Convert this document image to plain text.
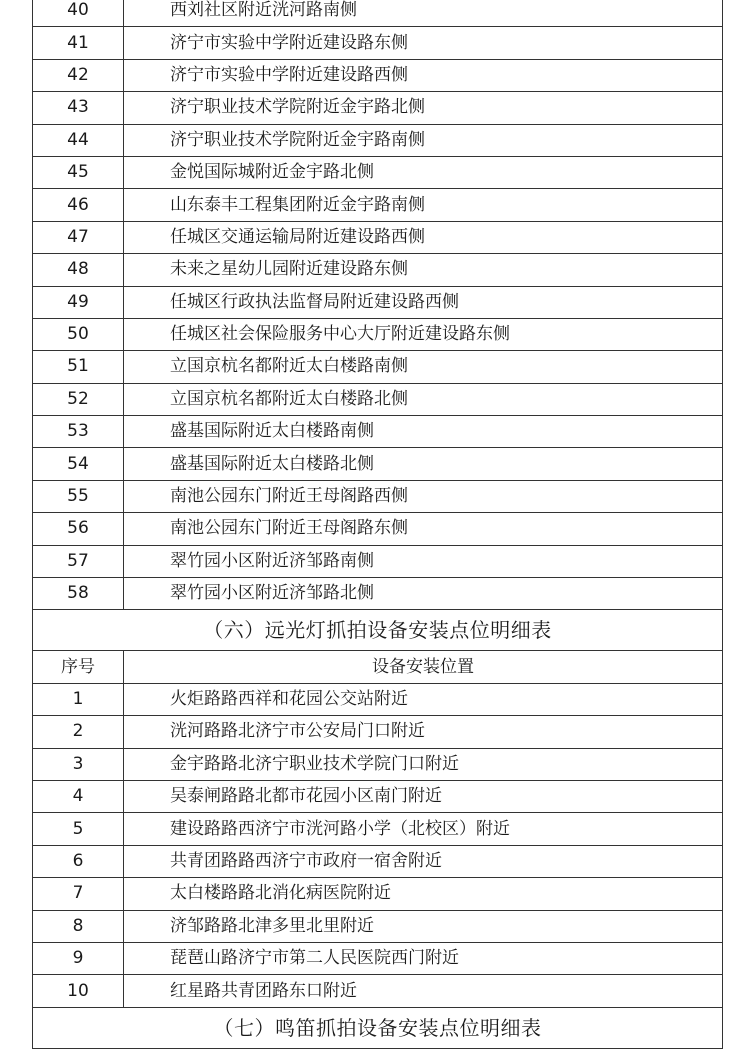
40	西刘社区附近洸河路南侧
41	济宁市实验中学附近建设路东侧
42	济宁市实验中学附近建设路西侧
43	济宁职业技术学院附近金宇路北侧
44	济宁职业技术学院附近金宇路南侧
45	金悦国际城附近金宇路北侧
46	山东泰丰工程集团附近金宇路南侧
47	任城区交通运输局附近建设路西侧
48	未来之星幼儿园附近建设路东侧
49	任城区行政执法监督局附近建设路西侧
50	任城区社会保险服务中心大厅附近建设路东侧
51	立国京杭名都附近太白楼路南侧
52	立国京杭名都附近太白楼路北侧
53	盛基国际附近太白楼路南侧
54	盛基国际附近太白楼路北侧
55	南池公园东门附近王母阁路西侧
56	南池公园东门附近王母阁路东侧
57	翠竹园小区附近济邹路南侧
58	翠竹园小区附近济邹路北侧
（六）远光灯抓拍设备安装点位明细表	
序号	设备安装位置
1	火炬路路西祥和花园公交站附近
2	洸河路路北济宁市公安局门口附近
3	金宇路路北济宁职业技术学院门口附近
4	吴泰闸路路北都市花园小区南门附近
5	建设路路西济宁市洸河路小学（北校区）附近
6	共青团路路西济宁市政府一宿舍附近
7	太白楼路路北消化病医院附近
8	济邹路路北津多里北里附近
9	琵琶山路济宁市第二人民医院西门附近
10	红星路共青团路东口附近
（七）鸣笛抓拍设备安装点位明细表	
